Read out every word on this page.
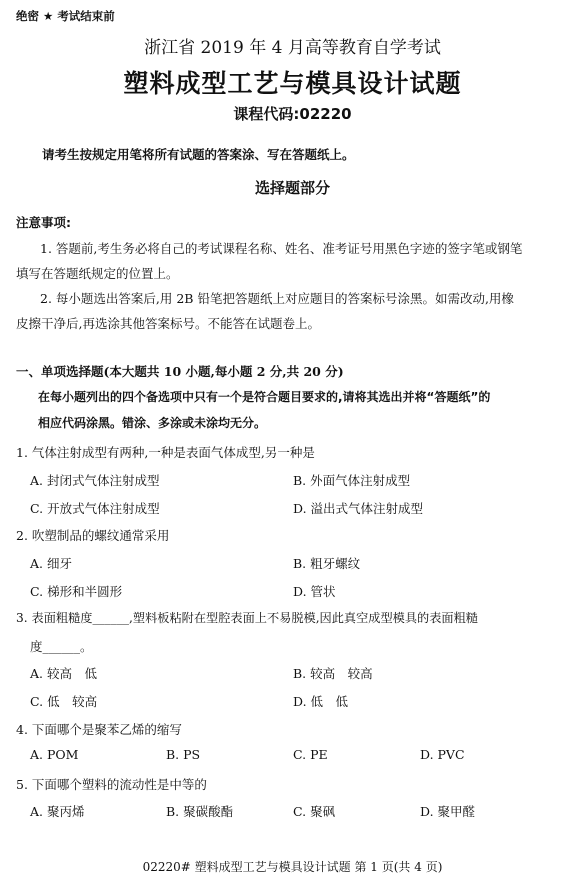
绝密 ★ 考试结束前
浙江省 2019 年 4 月高等教育自学考试
塑料成型工艺与模具设计试题
课程代码:02220
请考生按规定用笔将所有试题的答案涂、写在答题纸上。
选择题部分
注意事项:
1. 答题前,考生务必将自己的考试课程名称、姓名、准考证号用黑色字迹的签字笔或钢笔
填写在答题纸规定的位置上。
2. 每小题选出答案后,用 2B 铅笔把答题纸上对应题目的答案标号涂黑。如需改动,用橡
皮擦干净后,再选涂其他答案标号。不能答在试题卷上。
一、单项选择题(本大题共 10 小题,每小题 2 分,共 20 分)
在每小题列出的四个备选项中只有一个是符合题目要求的,请将其选出并将“答题纸”的
相应代码涂黑。错涂、多涂或未涂均无分。
1. 气体注射成型有两种,一种是表面气体成型,另一种是
A. 封闭式气体注射成型	B. 外面气体注射成型
C. 开放式气体注射成型	D. 溢出式气体注射成型
2. 吹塑制品的螺纹通常采用
A. 细牙	B. 粗牙螺纹
C. 梯形和半圆形	D. 管状
3. 表面粗糙度______,塑料板粘附在型腔表面上不易脱模,因此真空成型模具的表面粗糙
度______。
A. 较高　低	B. 较高　较高
C. 低　较高	D. 低　低
4. 下面哪个是聚苯乙烯的缩写
A. POM	B. PS	C. PE	D. PVC
5. 下面哪个塑料的流动性是中等的
A. 聚丙烯	B. 聚碳酸酯	C. 聚砜	D. 聚甲醛
02220# 塑料成型工艺与模具设计试题 第 1 页(共 4 页)
